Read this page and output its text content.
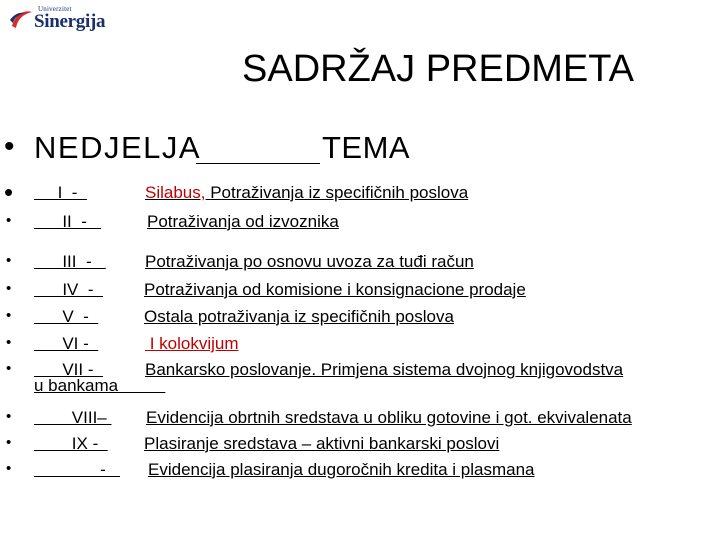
Univerzitet
Sinergija
SADRŽAJ PREDMETA
• NEDJELJA	TEMA
• I  -	Silabus, Potraživanja iz specifičnih poslova
• II  -	Potraživanja od izvoznika
• III  - Potraživanja po osnovu uvoza za tuđi račun
• IV  - Potraživanja od komisione i konsignacione prodaje
• V  -	Ostala potraživanja iz specifičnih poslova
• VI -	I kolokvijum
• VII - Bankarsko poslovanje. Primjena sistema dvojnog knjigovodstva
u bankama
• VIII– Evidencija obrtnih sredstava u obliku gotovine i got. ekvivalenata
• IX - Plasiranje sredstava – aktivni bankarski poslovi
• - Evidencija plasiranja dugoročnih kredita i plasmana
